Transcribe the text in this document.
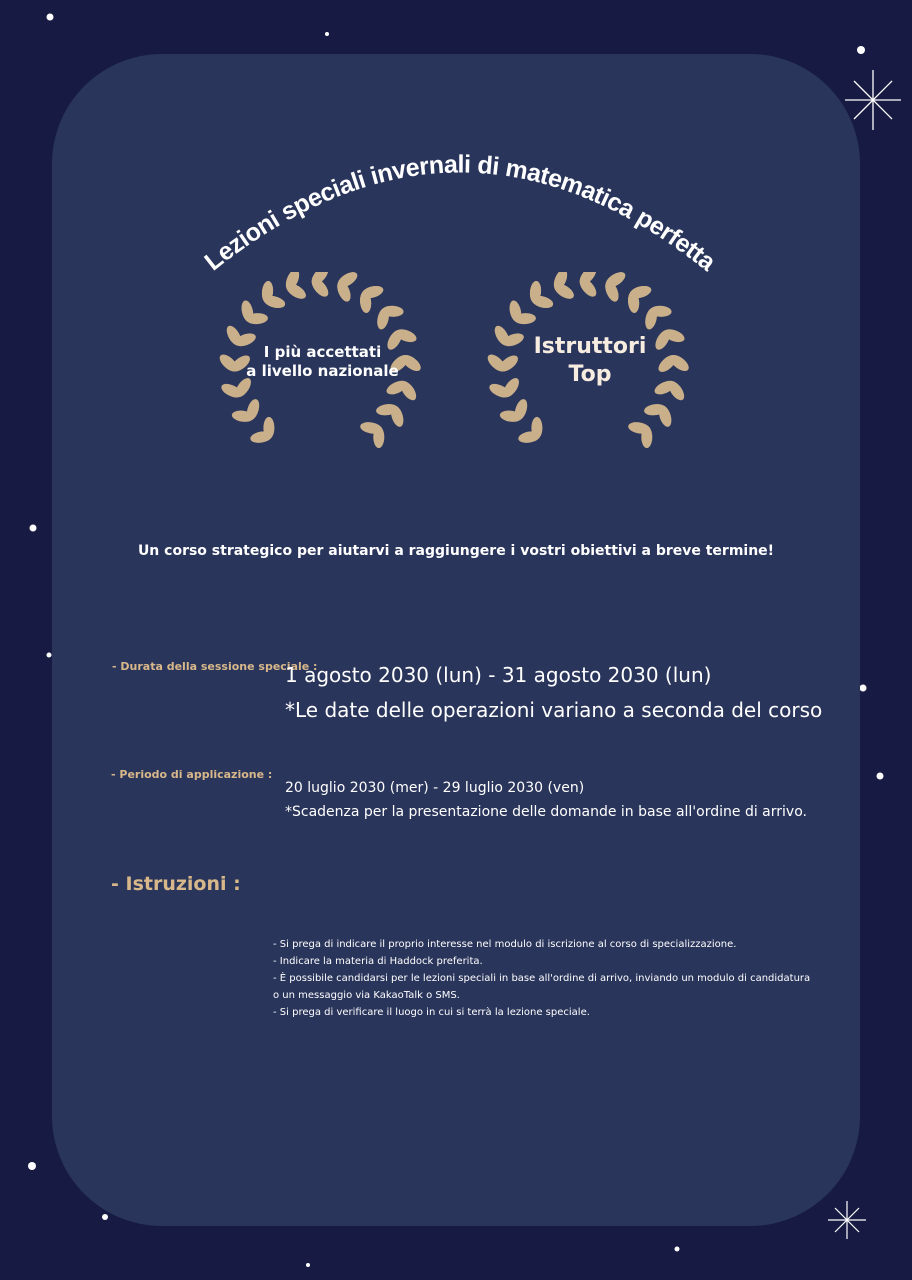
Lezioni speciali invernali di matematica perfetta
I più accettati
a livello nazionale
Istruttori
Top
Un corso strategico per aiutarvi a raggiungere i vostri obiettivi a breve termine!
- Durata della sessione speciale :
1 agosto 2030 (lun) - 31 agosto 2030 (lun)
*Le date delle operazioni variano a seconda del corso
- Periodo di applicazione :
20 luglio 2030 (mer) - 29 luglio 2030 (ven)
*Scadenza per la presentazione delle domande in base all'ordine di arrivo.
- Istruzioni :
- Si prega di indicare il proprio interesse nel modulo di iscrizione al corso di specializzazione.
- Indicare la materia di Haddock preferita.
- È possibile candidarsi per le lezioni speciali in base all'ordine di arrivo, inviando un modulo di candidatura
o un messaggio via KakaoTalk o SMS.
- Si prega di verificare il luogo in cui si terrà la lezione speciale.
